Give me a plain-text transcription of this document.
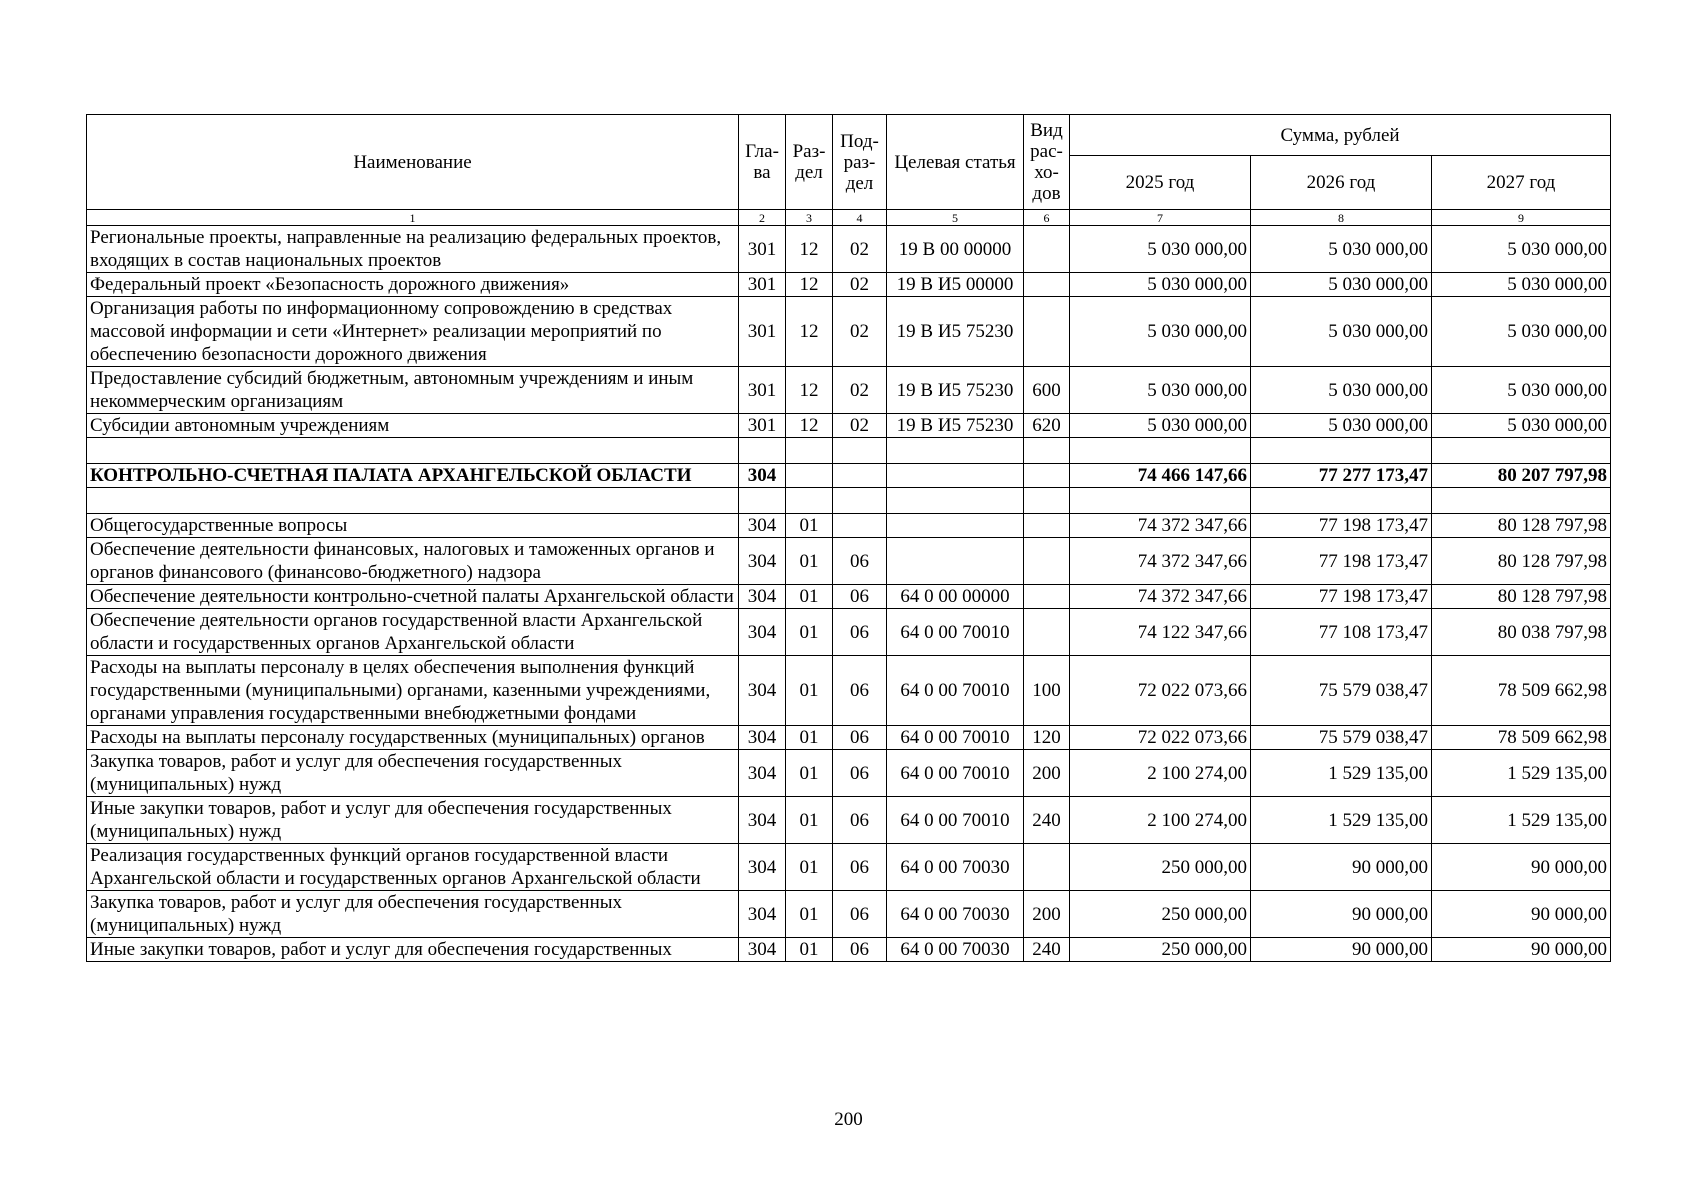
Наименование	Гла-ва	Раз-дел	Под-раз-дел	Целевая статья	Вид рас-хо-дов	Сумма, рублей		
						2025 год	2026 год	2027 год
1	2	3	4	5	6	7	8	9
Региональные проекты, направленные на реализацию федеральных проектов, входящих в состав национальных проектов	301	12	02	19 В 00 00000		5 030 000,00	5 030 000,00	5 030 000,00
Федеральный проект «Безопасность дорожного движения»	301	12	02	19 В И5 00000		5 030 000,00	5 030 000,00	5 030 000,00
Организация работы по информационному сопровождению в средствах массовой информации и сети «Интернет» реализации мероприятий по обеспечению безопасности дорожного движения	301	12	02	19 В И5 75230		5 030 000,00	5 030 000,00	5 030 000,00
Предоставление субсидий бюджетным, автономным учреждениям и иным некоммерческим организациям	301	12	02	19 В И5 75230	600	5 030 000,00	5 030 000,00	5 030 000,00
Субсидии автономным учреждениям	301	12	02	19 В И5 75230	620	5 030 000,00	5 030 000,00	5 030 000,00

КОНТРОЛЬНО-СЧЕТНАЯ ПАЛАТА АРХАНГЕЛЬСКОЙ ОБЛАСТИ	304					74 466 147,66	77 277 173,47	80 207 797,98

Общегосударственные вопросы	304	01				74 372 347,66	77 198 173,47	80 128 797,98
Обеспечение деятельности финансовых, налоговых и таможенных органов и органов финансового (финансово-бюджетного) надзора	304	01	06			74 372 347,66	77 198 173,47	80 128 797,98
Обеспечение деятельности контрольно-счетной палаты Архангельской области	304	01	06	64 0 00 00000		74 372 347,66	77 198 173,47	80 128 797,98
Обеспечение деятельности органов государственной власти Архангельской области и государственных органов Архангельской области	304	01	06	64 0 00 70010		74 122 347,66	77 108 173,47	80 038 797,98
Расходы на выплаты персоналу в целях обеспечения выполнения функций государственными (муниципальными) органами, казенными учреждениями, органами управления государственными внебюджетными фондами	304	01	06	64 0 00 70010	100	72 022 073,66	75 579 038,47	78 509 662,98
Расходы на выплаты персоналу государственных (муниципальных) органов	304	01	06	64 0 00 70010	120	72 022 073,66	75 579 038,47	78 509 662,98
Закупка товаров, работ и услуг для обеспечения государственных (муниципальных) нужд	304	01	06	64 0 00 70010	200	2 100 274,00	1 529 135,00	1 529 135,00
Иные закупки товаров, работ и услуг для обеспечения государственных (муниципальных) нужд	304	01	06	64 0 00 70010	240	2 100 274,00	1 529 135,00	1 529 135,00
Реализация государственных функций органов государственной власти Архангельской области и государственных органов Архангельской области	304	01	06	64 0 00 70030		250 000,00	90 000,00	90 000,00
Закупка товаров, работ и услуг для обеспечения государственных (муниципальных) нужд	304	01	06	64 0 00 70030	200	250 000,00	90 000,00	90 000,00
Иные закупки товаров, работ и услуг для обеспечения государственных	304	01	06	64 0 00 70030	240	250 000,00	90 000,00	90 000,00
200
